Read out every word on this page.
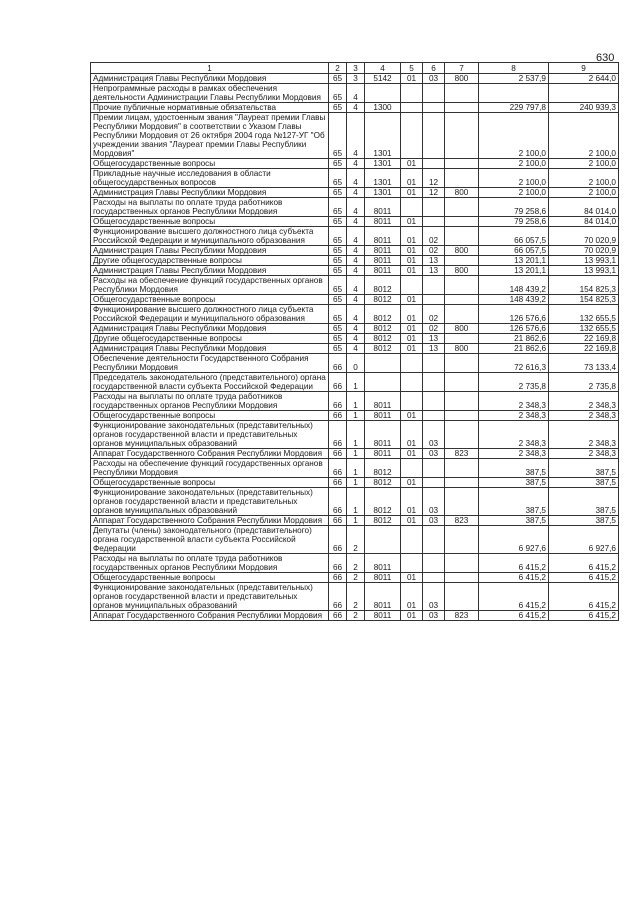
630
1	2	3	4	5	6	7	8	9
Администрация Главы Республики Мордовия	65	3	5142	01	03	800	2 537,9	2 644,0
Непрограммные расходы в рамках обеспечения деятельности Администрации Главы Республики Мордовия	65	4						
Прочие публичные нормативные обязательства	65	4	1300				229 797,8	240 939,3
Премии лицам, удостоенным звания "Лауреат премии Главы Республики Мордовия" в соответствии с Указом Главы Республики Мордовия от 26 октября 2004 года №127-УГ "Об учреждении звания "Лауреат премии Главы Республики Мордовия"	65	4	1301				2 100,0	2 100,0
Общегосударственные вопросы	65	4	1301	01			2 100,0	2 100,0
Прикладные научные исследования в области общегосударственных вопросов	65	4	1301	01	12		2 100,0	2 100,0
Администрация Главы Республики Мордовия	65	4	1301	01	12	800	2 100,0	2 100,0
Расходы на выплаты по оплате труда работников государственных органов Республики Мордовия	65	4	8011				79 258,6	84 014,0
Общегосударственные вопросы	65	4	8011	01			79 258,6	84 014,0
Функционирование высшего должностного лица субъекта Российской Федерации и муниципального образования	65	4	8011	01	02		66 057,5	70 020,9
Администрация Главы Республики Мордовия	65	4	8011	01	02	800	66 057,5	70 020,9
Другие общегосударственные вопросы	65	4	8011	01	13		13 201,1	13 993,1
Администрация Главы Республики Мордовия	65	4	8011	01	13	800	13 201,1	13 993,1
Расходы на обеспечение функций государственных органов Республики Мордовия	65	4	8012				148 439,2	154 825,3
Общегосударственные вопросы	65	4	8012	01			148 439,2	154 825,3
Функционирование высшего должностного лица субъекта Российской Федерации и муниципального образования	65	4	8012	01	02		126 576,6	132 655,5
Администрация Главы Республики Мордовия	65	4	8012	01	02	800	126 576,6	132 655,5
Другие общегосударственные вопросы	65	4	8012	01	13		21 862,6	22 169,8
Администрация Главы Республики Мордовия	65	4	8012	01	13	800	21 862,6	22 169,8
Обеспечение деятельности Государственного Собрания Республики Мордовия	66	0					72 616,3	73 133,4
Председатель законодательного (представительного) органа государственной власти субъекта Российской Федерации	66	1					2 735,8	2 735,8
Расходы на выплаты по оплате труда работников государственных органов Республики Мордовия	66	1	8011				2 348,3	2 348,3
Общегосударственные вопросы	66	1	8011	01			2 348,3	2 348,3
Функционирование законодательных (представительных) органов государственной власти и представительных органов муниципальных образований	66	1	8011	01	03		2 348,3	2 348,3
Аппарат Государственного Собрания Республики Мордовия	66	1	8011	01	03	823	2 348,3	2 348,3
Расходы на обеспечение функций государственных органов Республики Мордовия	66	1	8012				387,5	387,5
Общегосударственные вопросы	66	1	8012	01			387,5	387,5
Функционирование законодательных (представительных) органов государственной власти и представительных органов муниципальных образований	66	1	8012	01	03		387,5	387,5
Аппарат Государственного Собрания Республики Мордовия	66	1	8012	01	03	823	387,5	387,5
Депутаты (члены) законодательного (представительного) органа государственной власти субъекта Российской Федерации	66	2					6 927,6	6 927,6
Расходы на выплаты по оплате труда работников государственных органов Республики Мордовия	66	2	8011				6 415,2	6 415,2
Общегосударственные вопросы	66	2	8011	01			6 415,2	6 415,2
Функционирование законодательных (представительных) органов государственной власти и представительных органов муниципальных образований	66	2	8011	01	03		6 415,2	6 415,2
Аппарат Государственного Собрания Республики Мордовия	66	2	8011	01	03	823	6 415,2	6 415,2
